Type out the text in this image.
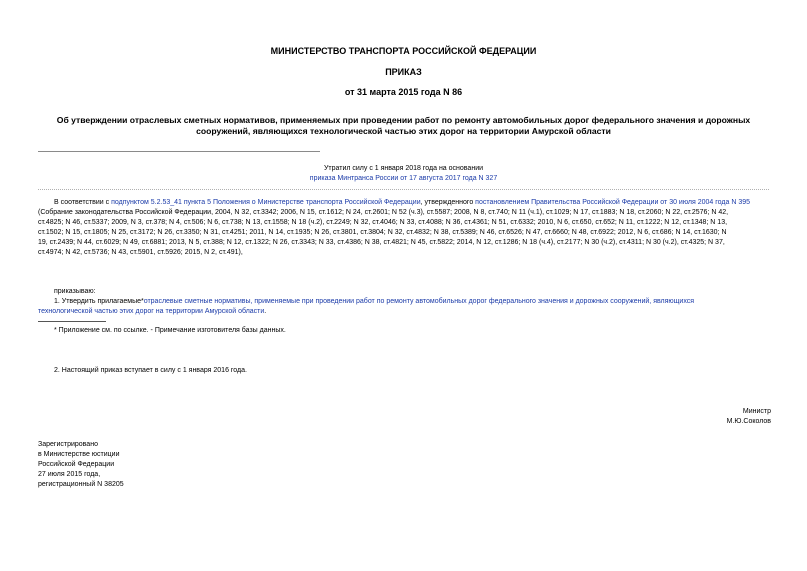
МИНИСТЕРСТВО ТРАНСПОРТА РОССИЙСКОЙ ФЕДЕРАЦИИ
ПРИКАЗ
от 31 марта 2015 года N 86

Об утверждении отраслевых сметных нормативов, применяемых при проведении работ по ремонту автомобильных дорог федерального значения и дорожных

сооружений, являющихся технологической частью этих дорог на территории Амурской области

Утратил силу с 1 января 2018 года на основании

приказа Минтранса России от 17 августа 2017 года N 327

В соответствии с подпунктом 5.2.53_41 пункта 5 Положения о Министерстве транспорта Российской Федерации, утвержденного постановлением Правительства Российской Федерации от 30 июля 2004 года N 395

(Собрание законодательства Российской Федерации, 2004, N 32, ст.3342; 2006, N 15, ст.1612; N 24, ст.2601; N 52 (ч.3), ст.5587; 2008, N 8, ст.740; N 11 (ч.1), ст.1029; N 17, ст.1883; N 18, ст.2060; N 22, ст.2576; N 42,

ст.4825; N 46, ст.5337; 2009, N 3, ст.378; N 4, ст.506; N 6, ст.738; N 13, ст.1558; N 18 (ч.2), ст.2249; N 32, ст.4046; N 33, ст.4088; N 36, ст.4361; N 51, ст.6332; 2010, N 6, ст.650, ст.652; N 11, ст.1222; N 12, ст.1348; N 13,

ст.1502; N 15, ст.1805; N 25, ст.3172; N 26, ст.3350; N 31, ст.4251; 2011, N 14, ст.1935; N 26, ст.3801, ст.3804; N 32, ст.4832; N 38, ст.5389; N 46, ст.6526; N 47, ст.6660; N 48, ст.6922; 2012, N 6, ст.686; N 14, ст.1630; N

19, ст.2439; N 44, ст.6029; N 49, ст.6881; 2013, N 5, ст.388; N 12, ст.1322; N 26, ст.3343; N 33, ст.4386; N 38, ст.4821; N 45, ст.5822; 2014, N 12, ст.1286; N 18 (ч.4), ст.2177; N 30 (ч.2), ст.4311; N 30 (ч.2), ст.4325; N 37,

ст.4974; N 42, ст.5736; N 43, ст.5901, ст.5926; 2015, N 2, ст.491),

приказываю:

1. Утвердить прилагаемые*отраслевые сметные нормативы, применяемые при проведении работ по ремонту автомобильных дорог федерального значения и дорожных сооружений, являющихся

технологической частью этих дорог на территории Амурской области.

* Приложение см. по ссылке. - Примечание изготовителя базы данных.
2. Настоящий приказ вступает в силу с 1 января 2016 года.

Министр

М.Ю.Соколов

Зарегистрировано

в Министерстве юстиции

Российской Федерации

27 июля 2015 года,

регистрационный N 38205
